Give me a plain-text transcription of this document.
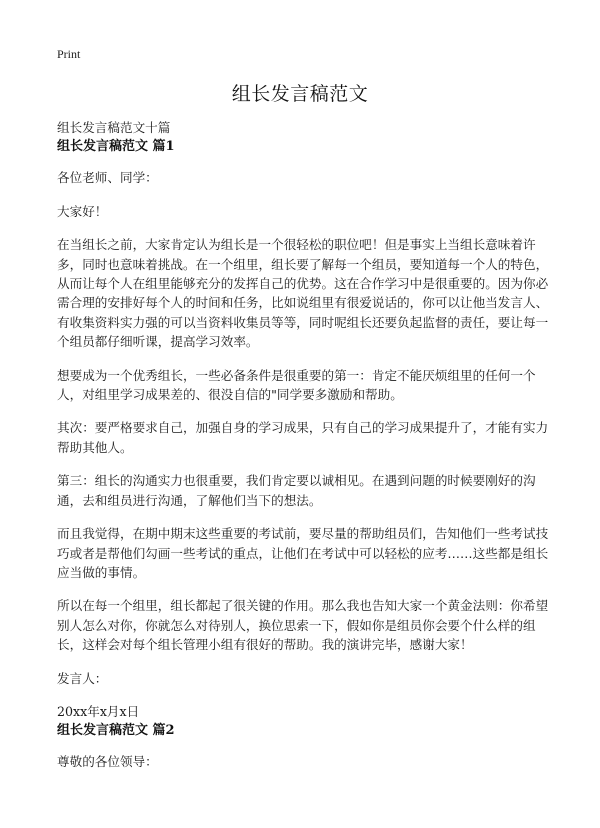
Print
组长发言稿范文

组长发言稿范文十篇

组长发言稿范文 篇1

各位老师、同学：

大家好！

在当组长之前，大家肯定认为组长是一个很轻松的职位吧！但是事实上当组长意味着许多，同时也意味着挑战。在一个组里，组长要了解每一个组员，要知道每一个人的特色，从而让每个人在组里能够充分的发挥自己的优势。这在合作学习中是很重要的。因为你必需合理的安排好每个人的时间和任务，比如说组里有很爱说话的，你可以让他当发言人、有收集资料实力强的可以当资料收集员等等，同时呢组长还要负起监督的责任，要让每一个组员都仔细听课，提高学习效率。

想要成为一个优秀组长，一些必备条件是很重要的第一：肯定不能厌烦组里的任何一个人，对组里学习成果差的、很没自信的"同学要多激励和帮助。

其次：要严格要求自己，加强自身的学习成果，只有自己的学习成果提升了，才能有实力帮助其他人。

第三：组长的沟通实力也很重要，我们肯定要以诚相见。在遇到问题的时候要刚好的沟通，去和组员进行沟通，了解他们当下的想法。

而且我觉得，在期中期末这些重要的考试前，要尽量的帮助组员们，告知他们一些考试技巧或者是帮他们勾画一些考试的重点，让他们在考试中可以轻松的应考……这些都是组长应当做的事情。

所以在每一个组里，组长都起了很关键的作用。那么我也告知大家一个黄金法则：你希望别人怎么对你，你就怎么对待别人，换位思索一下，假如你是组员你会要个什么样的组长，这样会对每个组长管理小组有很好的帮助。我的演讲完毕，感谢大家！

发言人：

20xx年x月x日

组长发言稿范文 篇2

尊敬的各位领导：
